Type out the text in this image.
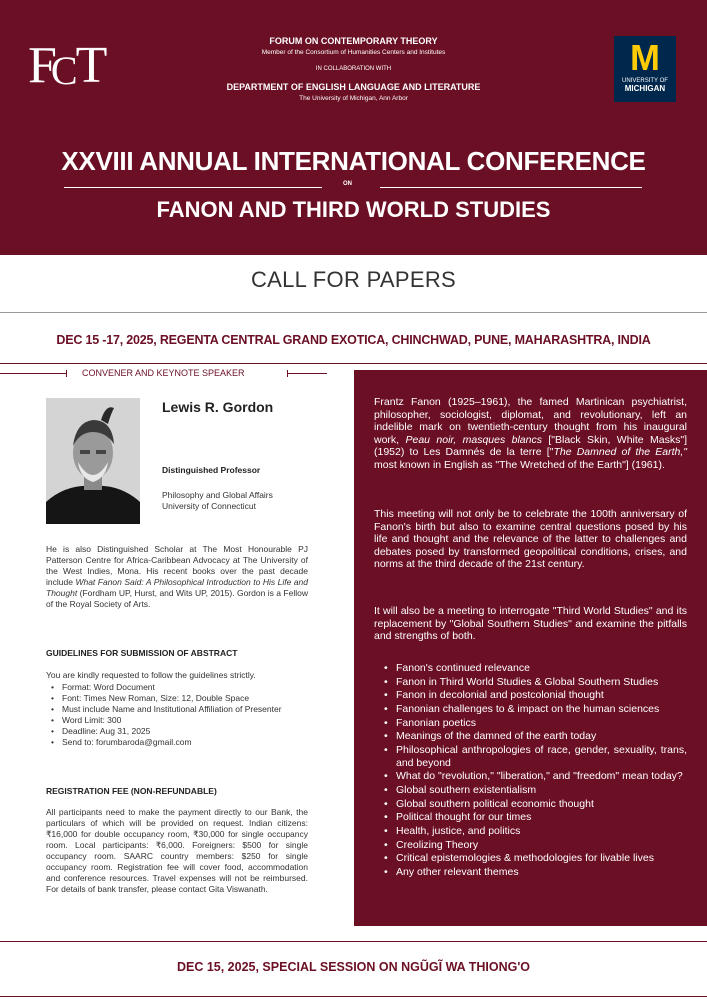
FCT	FORUM ON CONTEMPORARY THEORY
Member of the Consortium of Humanities Centers and Institutes
IN COLLABORATION WITH
DEPARTMENT OF ENGLISH LANGUAGE AND LITERATURE
The University of Michigan, Ann Arbor
M
UNIVERSITY OF
MICHIGAN
XXVIII ANNUAL INTERNATIONAL CONFERENCE
ON
FANON AND THIRD WORLD STUDIES
CALL FOR PAPERS
DEC 15 -17, 2025, REGENTA CENTRAL GRAND EXOTICA, CHINCHWAD, PUNE, MAHARASHTRA, INDIA
CONVENER AND KEYNOTE SPEAKER
Lewis R. Gordon
Distinguished Professor
Philosophy and Global Affairs
University of Connecticut
He is also Distinguished Scholar at The Most Honourable PJ Patterson Centre for Africa-Caribbean Advocacy at The University of the West Indies, Mona. His recent books over the past decade include What Fanon Said: A Philosophical Introduction to His Life and Thought (Fordham UP, Hurst, and Wits UP, 2015). Gordon is a Fellow of the Royal Society of Arts.
GUIDELINES FOR SUBMISSION OF ABSTRACT
You are kindly requested to follow the guidelines strictly.
• Format: Word Document
• Font: Times New Roman, Size: 12, Double Space
• Must include Name and Institutional Affiliation of Presenter
• Word Limit: 300
• Deadline: Aug 31, 2025
• Send to: forumbaroda@gmail.com
REGISTRATION FEE (NON-REFUNDABLE)
All participants need to make the payment directly to our Bank, the particulars of which will be provided on request. Indian citizens: ₹16,000 for double occupancy room, ₹30,000 for single occupancy room. Local participants: ₹6,000. Foreigners: $500 for single occupancy room. SAARC country members: $250 for single occupancy room. Registration fee will cover food, accommodation and conference resources. Travel expenses will not be reimbursed. For details of bank transfer, please contact Gita Viswanath.
Frantz Fanon (1925–1961), the famed Martinican psychiatrist, philosopher, sociologist, diplomat, and revolutionary, left an indelible mark on twentieth-century thought from his inaugural work, Peau noir, masques blancs ["Black Skin, White Masks"] (1952) to Les Damnés de la terre ["The Damned of the Earth," most known in English as "The Wretched of the Earth"] (1961).
This meeting will not only be to celebrate the 100th anniversary of Fanon's birth but also to examine central questions posed by his life and thought and the relevance of the latter to challenges and debates posed by transformed geopolitical conditions, crises, and norms at the third decade of the 21st century.
It will also be a meeting to interrogate "Third World Studies" and its replacement by "Global Southern Studies" and examine the pitfalls and strengths of both.
• Fanon's continued relevance
• Fanon in Third World Studies & Global Southern Studies
• Fanon in decolonial and postcolonial thought
• Fanonian challenges to & impact on the human sciences
• Fanonian poetics
• Meanings of the damned of the earth today
• Philosophical anthropologies of race, gender, sexuality, trans, and beyond
• What do "revolution," "liberation," and "freedom" mean today?
• Global southern existentialism
• Global southern political economic thought
• Political thought for our times
• Health, justice, and politics
• Creolizing Theory
• Critical epistemologies & methodologies for livable lives
• Any other relevant themes
DEC 15, 2025, SPECIAL SESSION ON NGŨGĨ WA THIONG'O
